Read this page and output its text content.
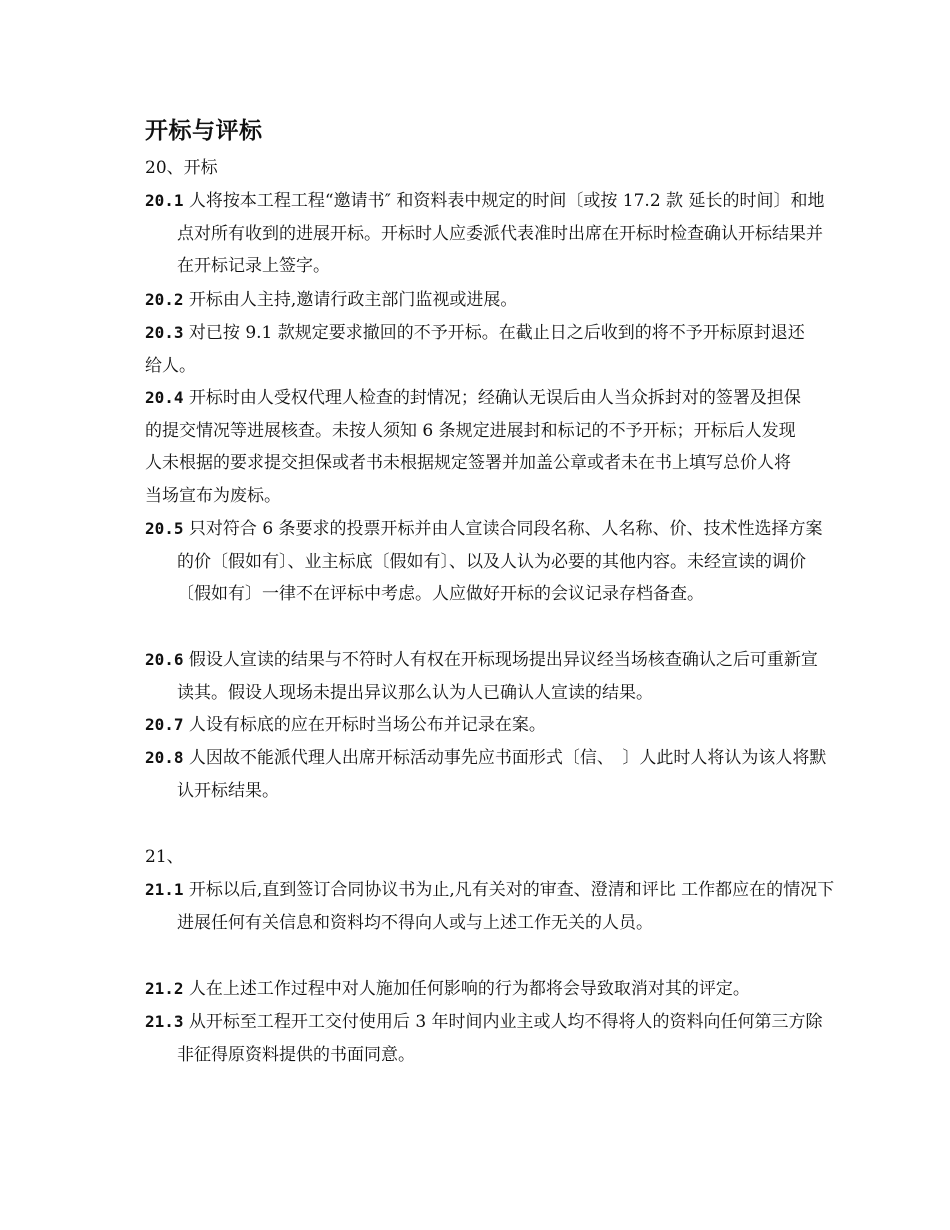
开标与评标

20、开标

20.1 人将按本工程工程“邀请书″ 和资料表中规定的时间〔或按 17.2 款 延长的时间〕和地点对所有收到的进展开标。开标时人应委派代表准时出席在开标时检查确认开标结果并在开标记录上签字。

20.2 开标由人主持,邀请行政主部门监视或进展。

20.3 对已按 9.1 款规定要求撤回的不予开标。在截止日之后收到的将不予开标原封退还给人。

20.4 开标时由人受权代理人检查的封情况；经确认无误后由人当众拆封对的签署及担保的提交情况等进展核查。未按人须知 6 条规定进展封和标记的不予开标；开标后人发现人未根据的要求提交担保或者书未根据规定签署并加盖公章或者未在书上填写总价人将当场宣布为废标。

20.5 只对符合 6 条要求的投票开标并由人宣读合同段名称、人名称、价、技术性选择方案的价〔假如有〕、业主标底〔假如有〕、以及人认为必要的其他内容。未经宣读的调价〔假如有〕一律不在评标中考虑。人应做好开标的会议记录存档备查。

20.6 假设人宣读的结果与不符时人有权在开标现场提出异议经当场核查确认之后可重新宣读其。假设人现场未提出异议那么认为人已确认人宣读的结果。

20.7 人设有标底的应在开标时当场公布并记录在案。

20.8 人因故不能派代理人出席开标活动事先应书面形式〔信、　〕人此时人将认为该人将默认开标结果。

21、

21.1 开标以后,直到签订合同协议书为止,凡有关对的审查、澄清和评比 工作都应在的情况下进展任何有关信息和资料均不得向人或与上述工作无关的人员。

21.2 人在上述工作过程中对人施加任何影响的行为都将会导致取消对其的评定。

21.3 从开标至工程开工交付使用后 3 年时间内业主或人均不得将人的资料向任何第三方除非征得原资料提供的书面同意。
